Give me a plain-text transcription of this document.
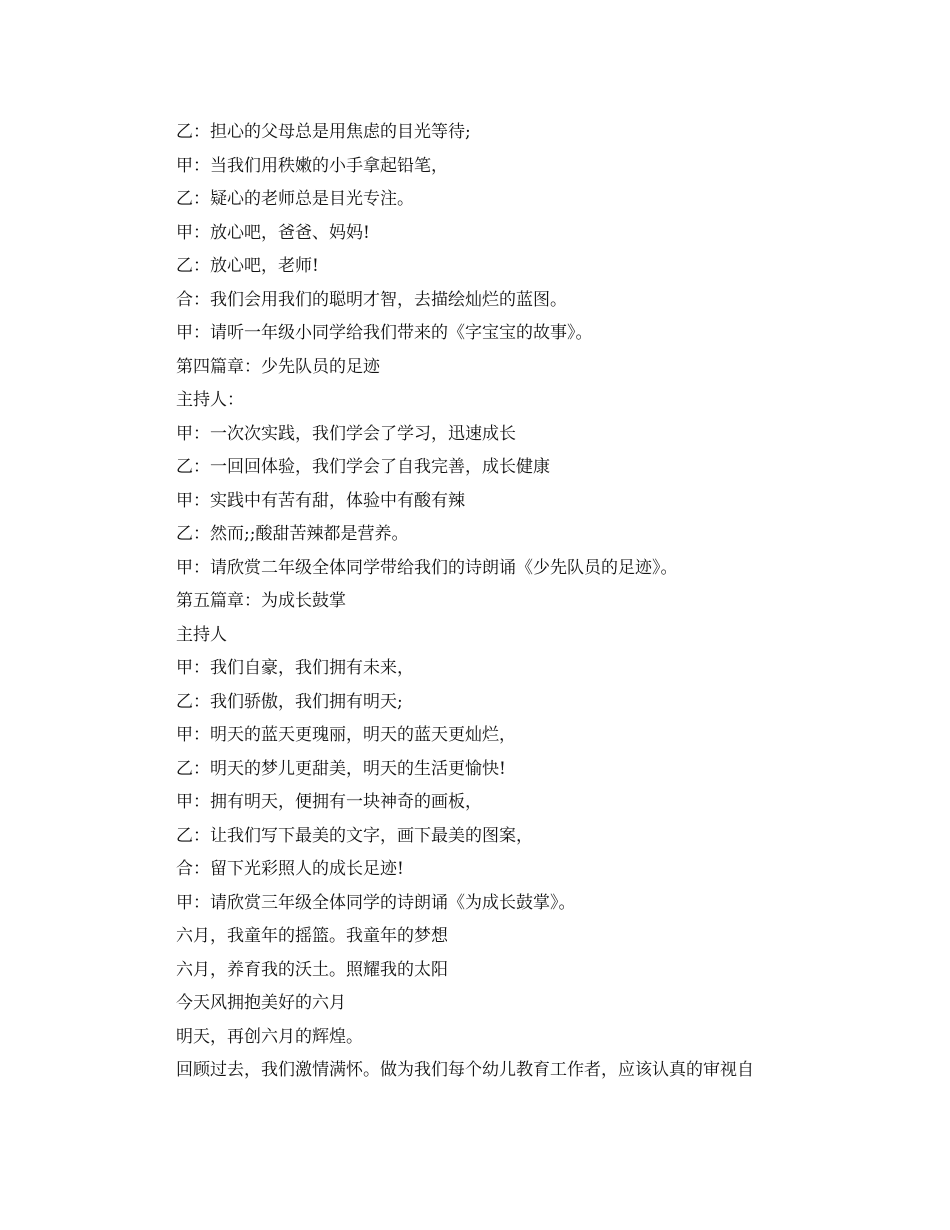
乙：担心的父母总是用焦虑的目光等待;
甲：当我们用秩嫩的小手拿起铅笔，
乙：疑心的老师总是目光专注。
甲：放心吧，爸爸、妈妈!
乙：放心吧，老师!
合：我们会用我们的聪明才智，去描绘灿烂的蓝图。
甲：请听一年级小同学给我们带来的《字宝宝的故事》。
第四篇章：少先队员的足迹
主持人：
甲：一次次实践，我们学会了学习，迅速成长
乙：一回回体验，我们学会了自我完善，成长健康
甲：实践中有苦有甜，体验中有酸有辣
乙：然而;;酸甜苦辣都是营养。
甲：请欣赏二年级全体同学带给我们的诗朗诵《少先队员的足迹》。
第五篇章：为成长鼓掌
主持人
甲：我们自豪，我们拥有未来，
乙：我们骄傲，我们拥有明天;
甲：明天的蓝天更瑰丽，明天的蓝天更灿烂，
乙：明天的梦儿更甜美，明天的生活更愉快!
甲：拥有明天，便拥有一块神奇的画板，
乙：让我们写下最美的文字，画下最美的图案，
合：留下光彩照人的成长足迹!
甲：请欣赏三年级全体同学的诗朗诵《为成长鼓掌》。
六月，我童年的摇篮。我童年的梦想
六月，养育我的沃土。照耀我的太阳
今天风拥抱美好的六月
明天，再创六月的辉煌。
回顾过去，我们激情满怀。做为我们每个幼儿教育工作者，应该认真的审视自
